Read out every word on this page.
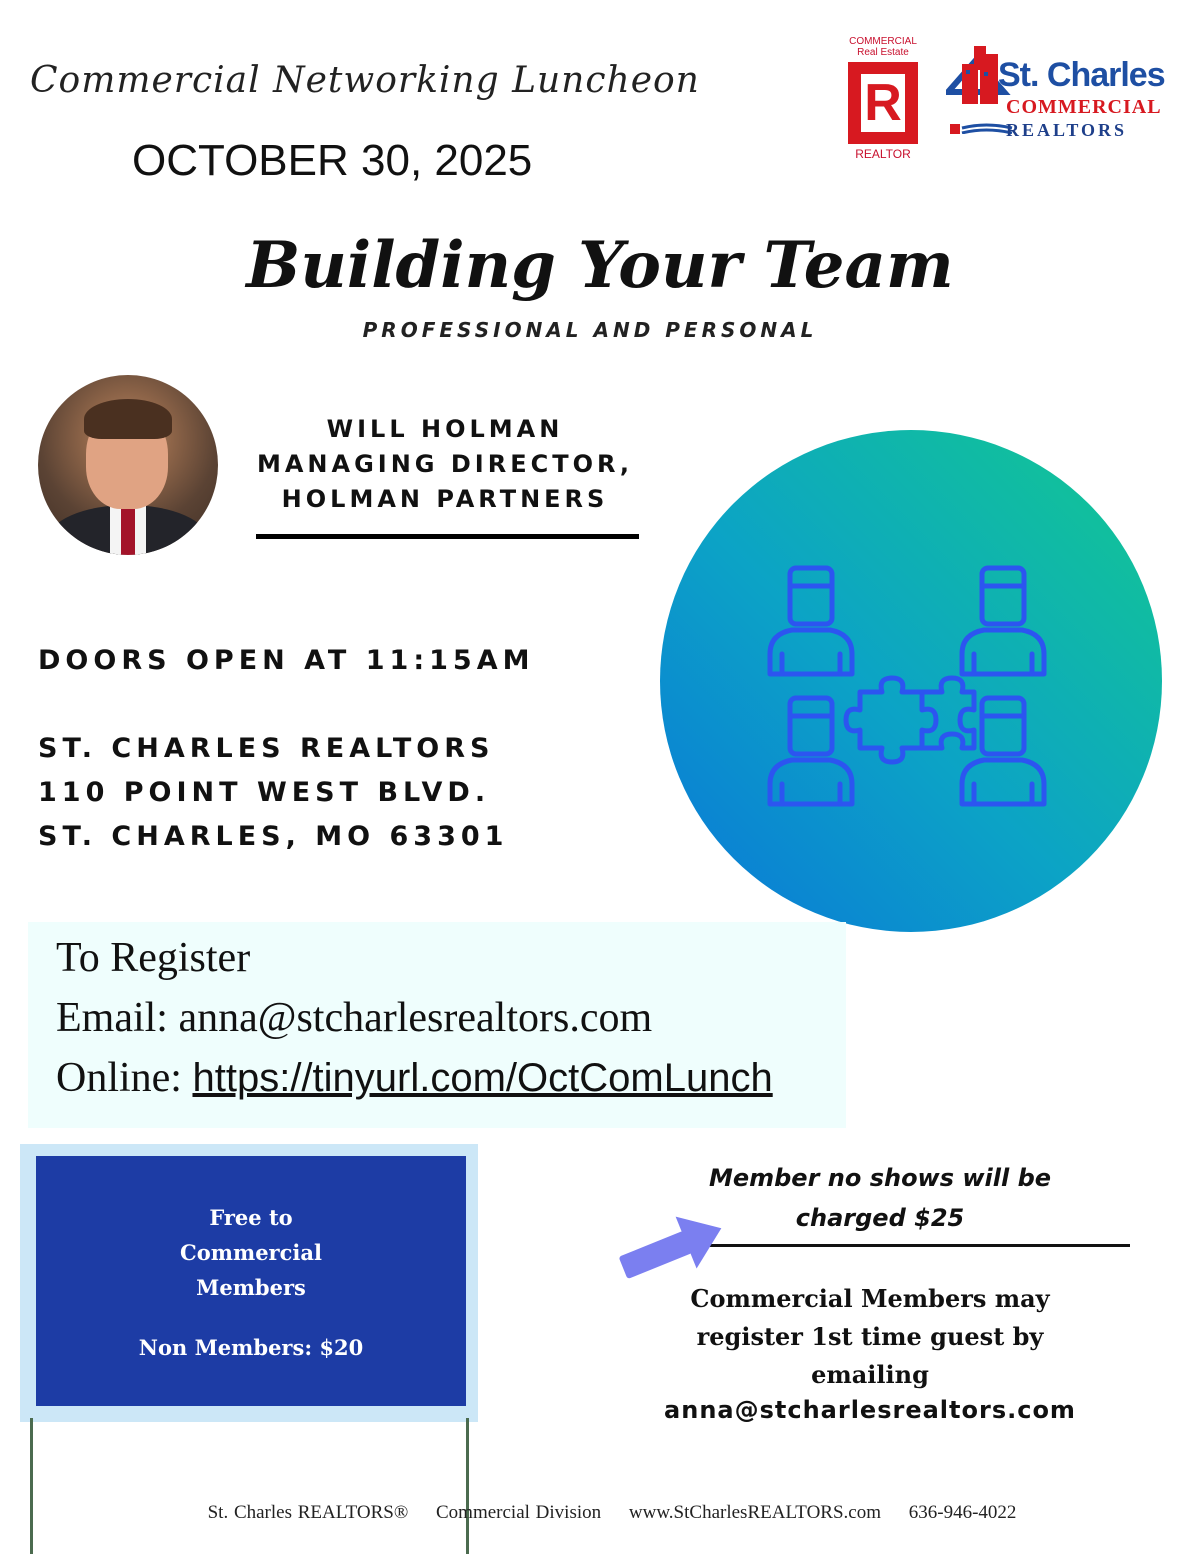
Commercial Networking Luncheon
OCTOBER 30, 2025
COMMERCIAL
Real Estate
R
REALTOR
St. Charles
COMMERCIAL
REALTORS
Building Your Team
PROFESSIONAL AND PERSONAL
WILL HOLMAN
MANAGING DIRECTOR,
HOLMAN PARTNERS
DOORS OPEN AT 11:15AM
ST. CHARLES REALTORS
110 POINT WEST BLVD.
ST. CHARLES, MO 63301
To Register
Email: anna@stcharlesrealtors.com
Online: https://tinyurl.com/OctComLunch
Free to
Commercial
Members
Non Members: $20
Member no shows will be
charged $25
Commercial Members may
register 1st time guest by
emailing
anna@stcharlesrealtors.com
St. Charles REALTORS® Commercial Division www.StCharlesREALTORS.com 636-946-4022
